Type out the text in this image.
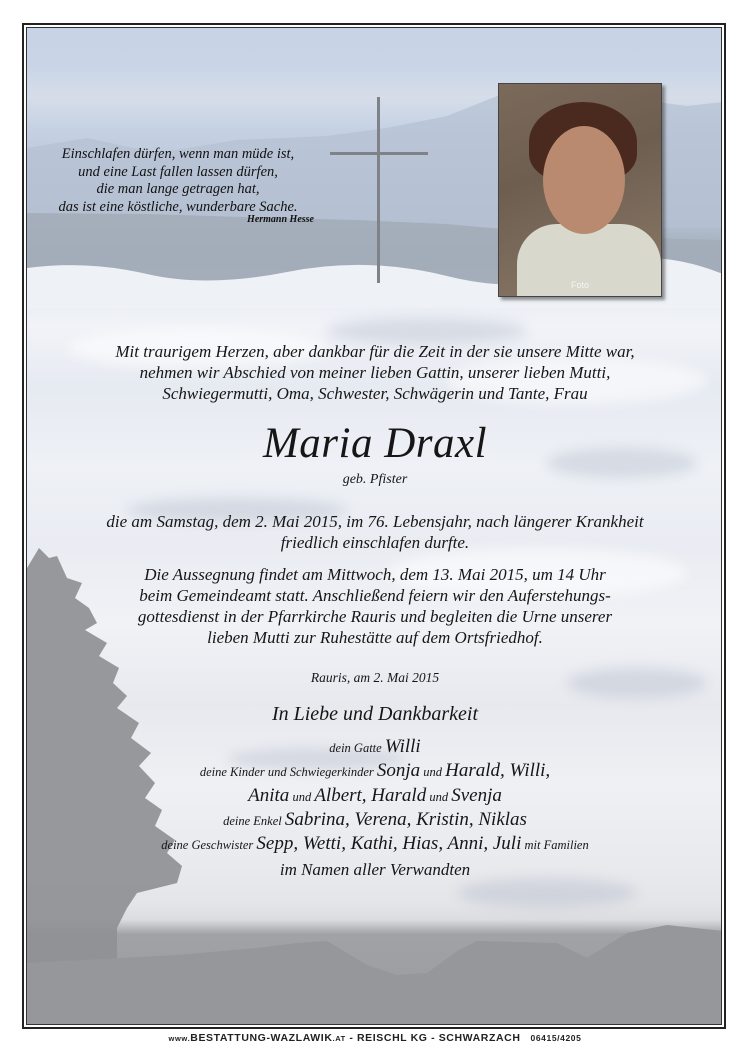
Einschlafen dürfen, wenn man müde ist,
und eine Last fallen lassen dürfen,
die man lange getragen hat,
das ist eine köstliche, wunderbare Sache.
Hermann Hesse
Foto
Mit traurigem Herzen, aber dankbar für die Zeit in der sie unsere Mitte war,
nehmen wir Abschied von meiner lieben Gattin, unserer lieben Mutti,
Schwiegermutti, Oma, Schwester, Schwägerin und Tante, Frau
Maria Draxl
geb. Pfister
die am Samstag, dem 2. Mai 2015, im 76. Lebensjahr, nach längerer Krankheit
friedlich einschlafen durfte.
Die Aussegnung findet am Mittwoch, dem 13. Mai 2015, um 14 Uhr
beim Gemeindeamt statt. Anschließend feiern wir den Auferstehungs-
gottesdienst in der Pfarrkirche Rauris und begleiten die Urne unserer
lieben Mutti zur Ruhestätte auf dem Ortsfriedhof.
Rauris, am 2. Mai 2015
In Liebe und Dankbarkeit
dein Gatte Willi
deine Kinder und Schwiegerkinder Sonja und Harald, Willi,
Anita und Albert, Harald und Svenja
deine Enkel Sabrina, Verena, Kristin, Niklas
deine Geschwister Sepp, Wetti, Kathi, Hias, Anni, Juli mit Familien
im Namen aller Verwandten
www.BESTATTUNG-WAZLAWIK.AT - REISCHL KG - SCHWARZACH 06415/4205
